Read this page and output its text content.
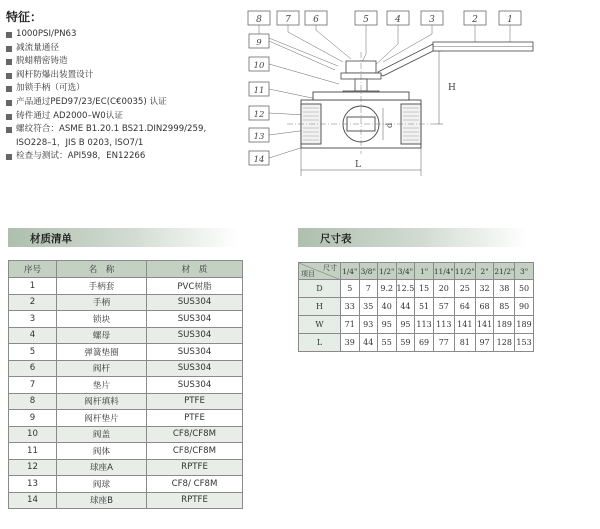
特征：
1000PSI/PN63
减流量通径
脱蜡精密铸造
阀杆防爆出装置设计
加锁手柄（可选）
产品通过PED97/23/EC(C€0035) 认证
铸件通过 AD2000–W0认证
螺纹符合：ASME B1.20.1 BS21.DIN2999/259,
ISO228–1，JIS B 0203, ISO7/1
检查与测试：API598，EN12266
8	7 6	5	4	3	2	1
9
10
11
12
13
14
H
d
L
材质清单	尺寸表
序号	名　称	材　质
1	手柄套	PVC树脂
2	手柄	SUS304
3	锁块	SUS304
4	螺母	SUS304
5	弹簧垫圈	SUS304
6	阀杆	SUS304
7	垫片	SUS304
8	阀杆填料	PTFE
9	阀杆垫片	PTFE
10	阀盖	CF8/CF8M
11	阀体	CF8/CF8M
12	球座A	RPTFE
13	阀球	CF8/ CF8M
14	球座B	RPTFE
尺寸
项目	1/4"	3/8"	1/2"	3/4"	1"	11/4"	11/2"	2"	21/2"	3"
D	5	7	9.2	12.5	15	20	25	32	38	50
H	33	35	40	44	51	57	64	68	85	90
W	71	93	95	95	113	113	141	141	189	189
L	39	44	55	59	69	77	81	97	128	153
